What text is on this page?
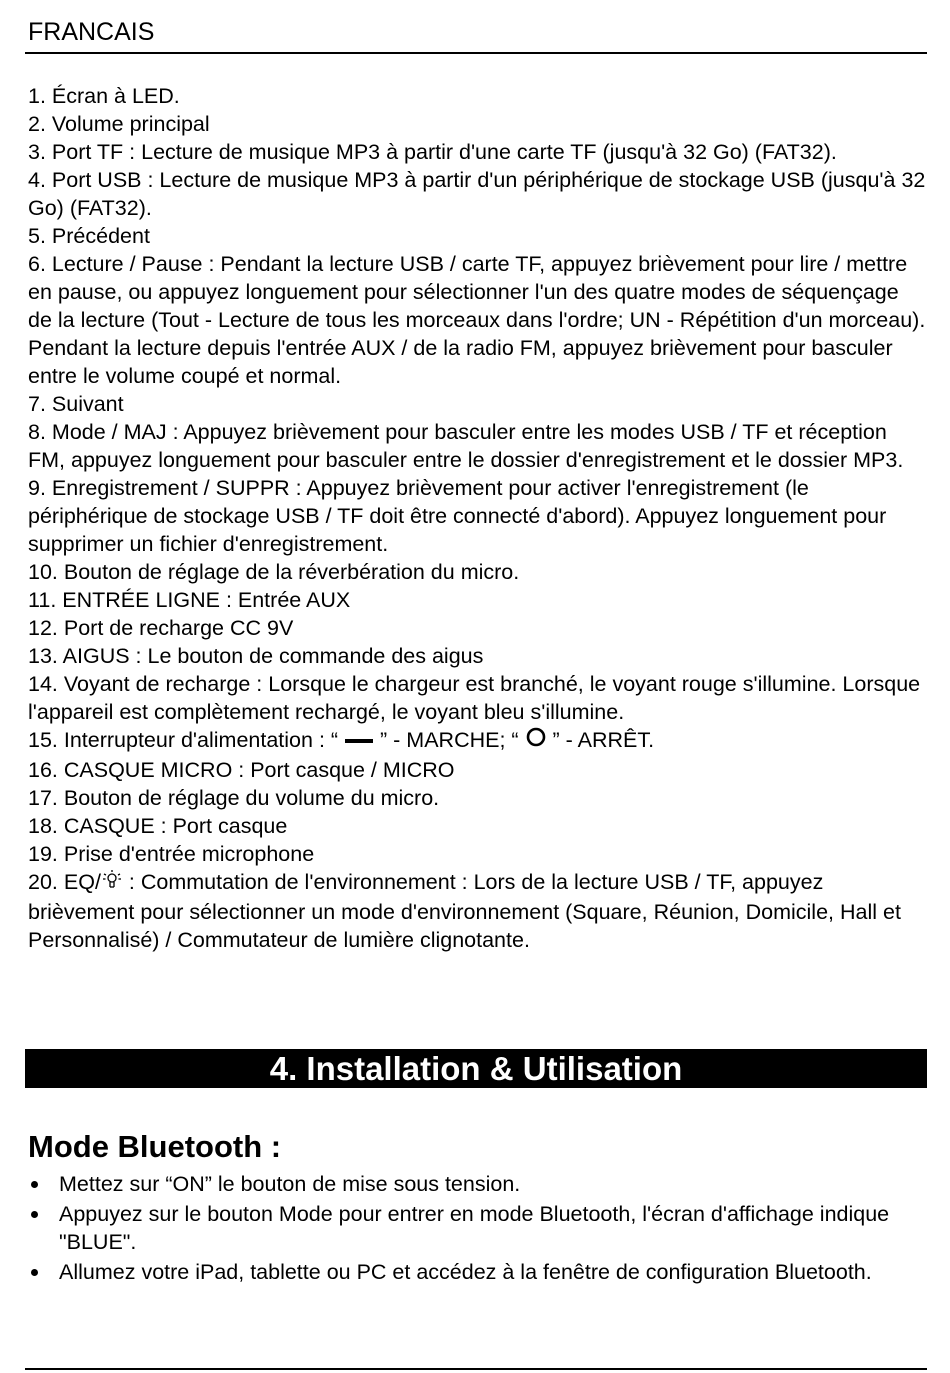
FRANCAIS

1. Écran à LED.

2. Volume principal

3. Port TF : Lecture de musique MP3 à partir d'une carte TF (jusqu'à 32 Go) (FAT32).

4. Port USB : Lecture de musique MP3 à partir d'un périphérique de stockage USB (jusqu'à 32 Go) (FAT32).

5. Précédent

6. Lecture / Pause : Pendant la lecture USB / carte TF, appuyez brièvement pour lire / mettre en pause, ou appuyez longuement pour sélectionner l'un des quatre modes de séquençage de la lecture (Tout - Lecture de tous les morceaux dans l'ordre; UN - Répétition d'un morceau). Pendant la lecture depuis l'entrée AUX / de la radio FM, appuyez brièvement pour basculer entre le volume coupé et normal.

7. Suivant

8. Mode / MAJ : Appuyez brièvement pour basculer entre les modes USB / TF et réception FM, appuyez longuement pour basculer entre le dossier d'enregistrement et le dossier MP3.

9. Enregistrement / SUPPR : Appuyez brièvement pour activer l'enregistrement (le périphérique de stockage USB / TF doit être connecté d'abord). Appuyez longuement pour supprimer un fichier d'enregistrement.

10. Bouton de réglage de la réverbération du micro.

11. ENTRÉE LIGNE : Entrée AUX

12. Port de recharge CC 9V

13. AIGUS : Le bouton de commande des aigus

14. Voyant de recharge : Lorsque le chargeur est branché, le voyant rouge s'illumine. Lorsque l'appareil est complètement rechargé, le voyant bleu s'illumine.

15. Interrupteur d'alimentation : “ ” - MARCHE; “ ” - ARRÊT.

16. CASQUE MICRO : Port casque / MICRO

17. Bouton de réglage du volume du micro.

18. CASQUE : Port casque

19. Prise d'entrée microphone

20. EQ/ : Commutation de l'environnement : Lors de la lecture USB / TF, appuyez brièvement pour sélectionner un mode d'environnement (Square, Réunion, Domicile, Hall et Personnalisé) / Commutateur de lumière clignotante.

4. Installation & Utilisation
Mode Bluetooth :
Mettez sur “ON” le bouton de mise sous tension.
Appuyez sur le bouton Mode pour entrer en mode Bluetooth, l'écran d'affichage indique "BLUE".
Allumez votre iPad, tablette ou PC et accédez à la fenêtre de configuration Bluetooth.
